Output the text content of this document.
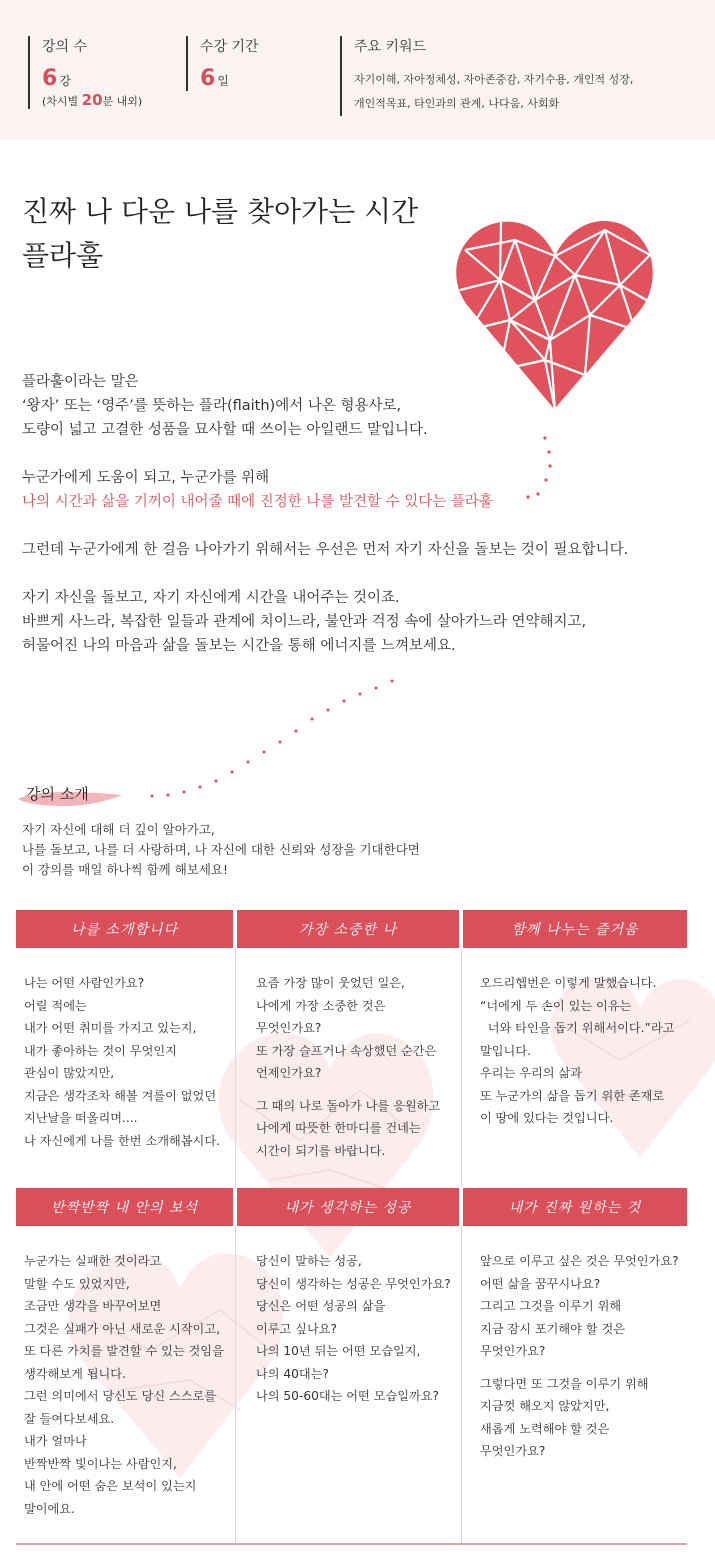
강의 수
6 강
(차시별 20분 내외)
수강 기간
6 일
주요 키워드
자기이해, 자아정체성, 자아존중감, 자기수용, 개인적 성장,
개인적목표, 타인과의 관계, 나다움, 사회화
진짜 나 다운 나를 찾아가는 시간
플라훌

플라훌이라는 말은
‘왕자’ 또는 ‘영주’를 뜻하는 플라(flaith)에서 나온 형용사로,
도량이 넓고 고결한 성품을 묘사할 때 쓰이는 아일랜드 말입니다.

누군가에게 도움이 되고, 누군가를 위해
나의 시간과 삶을 기꺼이 내어줄 때에 진정한 나를 발견할 수 있다는 플라훌

그런데 누군가에게 한 걸음 나아가기 위해서는 우선은 먼저 자기 자신을 돌보는 것이 필요합니다.

자기 자신을 돌보고, 자기 자신에게 시간을 내어주는 것이죠.
바쁘게 사느라, 복잡한 일들과 관계에 치이느라, 불안과 걱정 속에 살아가느라 연약해지고,
허물어진 나의 마음과 삶을 돌보는 시간을 통해 에너지를 느껴보세요.

강의 소개

자기 자신에 대해 더 깊이 알아가고,

나를 돌보고, 나를 더 사랑하며, 나 자신에 대한 신뢰와 성장을 기대한다면

이 강의를 매일 하나씩 함께 해보세요!

나를 소개합니다	가장 소중한 나	함께 나누는 즐거움
반짝반짝 내 안의 보석	내가 생각하는 성공	내가 진짜 원하는 것

나는 어떤 사람인가요?
어릴 적에는
내가 어떤 취미를 가지고 있는지,
내가 좋아하는 것이 무엇인지
관심이 많았지만,
지금은 생각조차 해볼 겨를이 없었던
지난날을 떠올리며....
나 자신에게 나를 한번 소개해봅시다.

요즘 가장 많이 웃었던 일은,
나에게 가장 소중한 것은
무엇인가요?
또 가장 슬프거나 속상했던 순간은
언제인가요?

그 때의 나로 돌아가 나를 응원하고
나에게 따뜻한 한마디를 건네는
시간이 되기를 바랍니다.

오드리헵번은 이렇게 말했습니다.
“너에게 두 손이 있는 이유는
너와 타인을 돕기 위해서이다.”라고
말입니다.
우리는 우리의 삶과
또 누군가의 삶을 돕기 위한 존재로
이 땅에 있다는 것입니다.

누군가는 실패한 것이라고
말할 수도 있었지만,
조금만 생각을 바꾸어보면
그것은 실패가 아닌 새로운 시작이고,
또 다른 가치를 발견할 수 있는 것임을
생각해보게 됩니다.
그런 의미에서 당신도 당신 스스로를
잘 들여다보세요.
내가 얼마나
반짝반짝 빛이나는 사람인지,
내 안에 어떤 숨은 보석이 있는지
말이에요.

당신이 말하는 성공,
당신이 생각하는 성공은 무엇인가요?
당신은 어떤 성공의 삶을
이루고 싶나요?
나의 10년 뒤는 어떤 모습일지,
나의 40대는?
나의 50-60대는 어떤 모습일까요?

앞으로 이루고 싶은 것은 무엇인가요?
어떤 삶을 꿈꾸시나요?
그리고 그것을 이루기 위해
지금 잠시 포기해야 할 것은
무엇인가요?

그렇다면 또 그것을 이루기 위해
지금껏 해오지 않았지만,
새롭게 노력해야 할 것은
무엇인가요?
